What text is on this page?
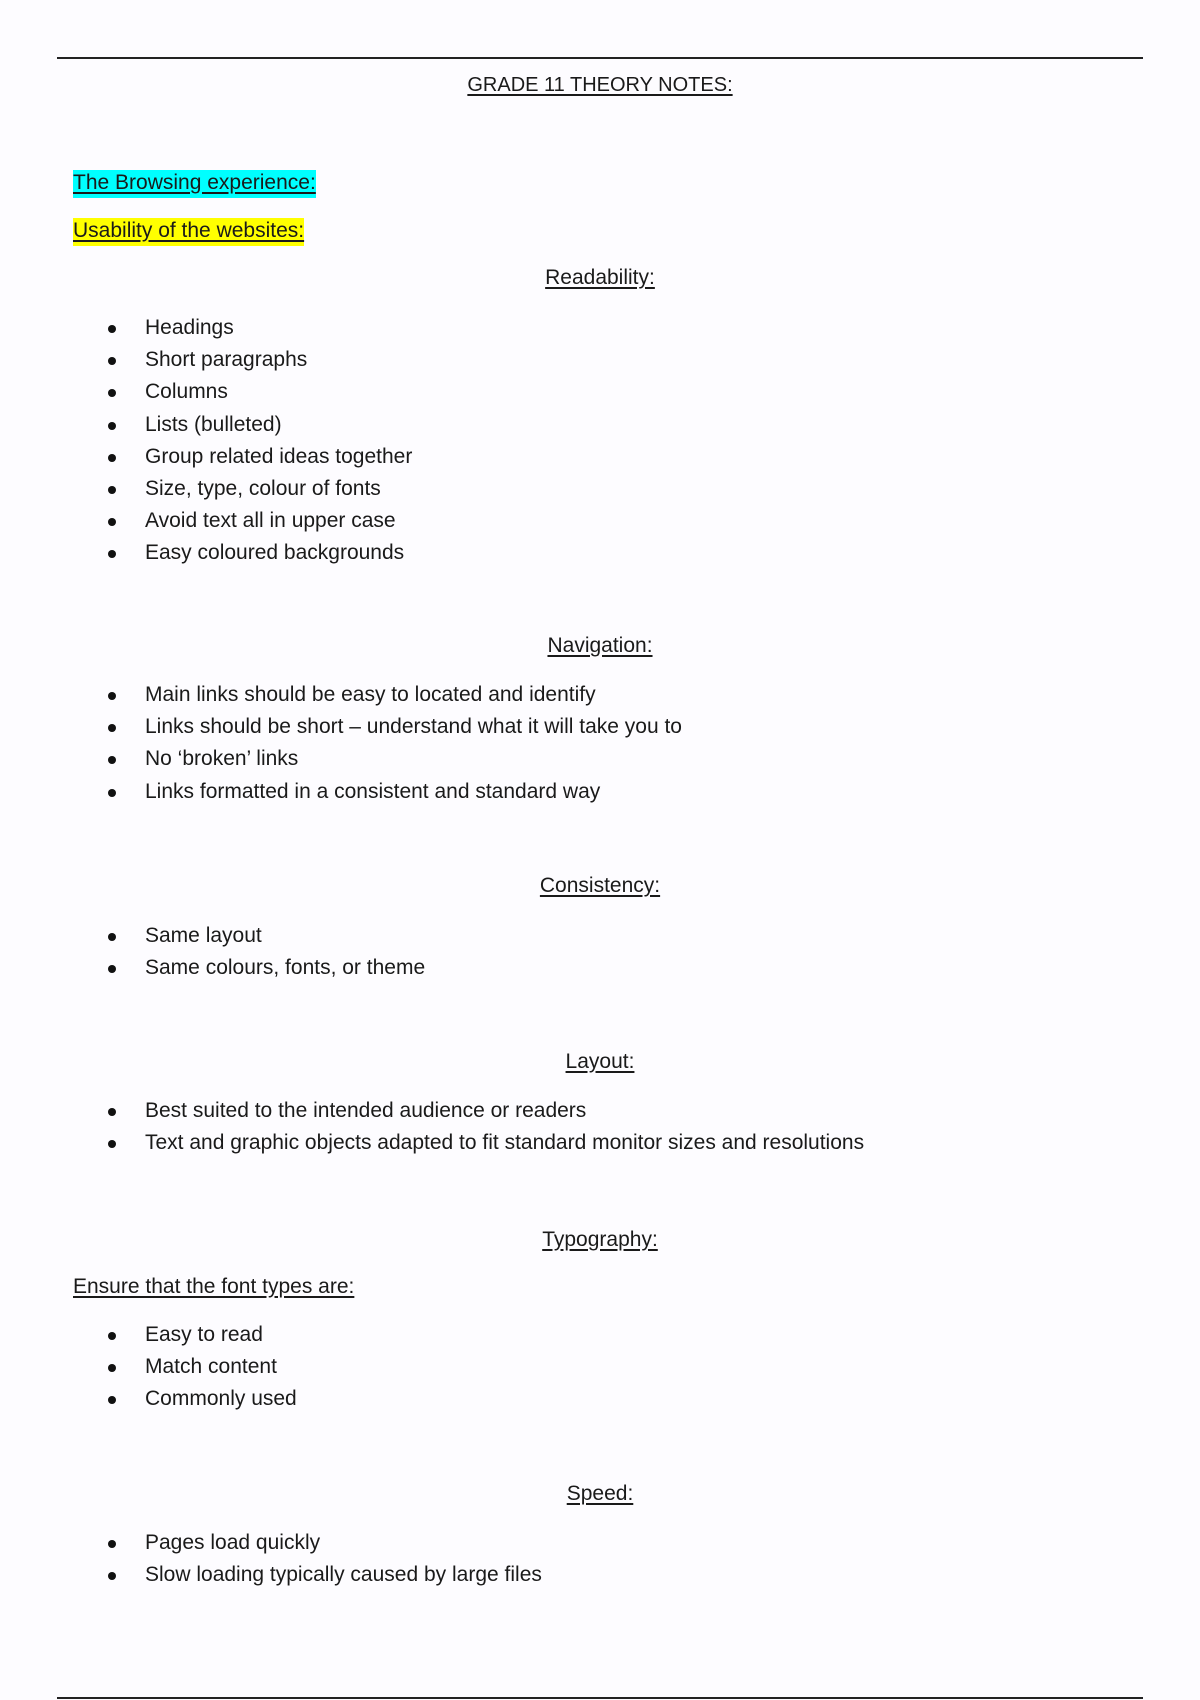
GRADE 11 THEORY NOTES:
The Browsing experience:
Usability of the websites:
Readability:
Headings
Short paragraphs
Columns
Lists (bulleted)
Group related ideas together
Size, type, colour of fonts
Avoid text all in upper case
Easy coloured backgrounds
Navigation:
Main links should be easy to located and identify
Links should be short – understand what it will take you to
No ‘broken’ links
Links formatted in a consistent and standard way
Consistency:
Same layout
Same colours, fonts, or theme
Layout:
Best suited to the intended audience or readers
Text and graphic objects adapted to fit standard monitor sizes and resolutions
Typography:
Ensure that the font types are:
Easy to read
Match content
Commonly used
Speed:
Pages load quickly
Slow loading typically caused by large files
